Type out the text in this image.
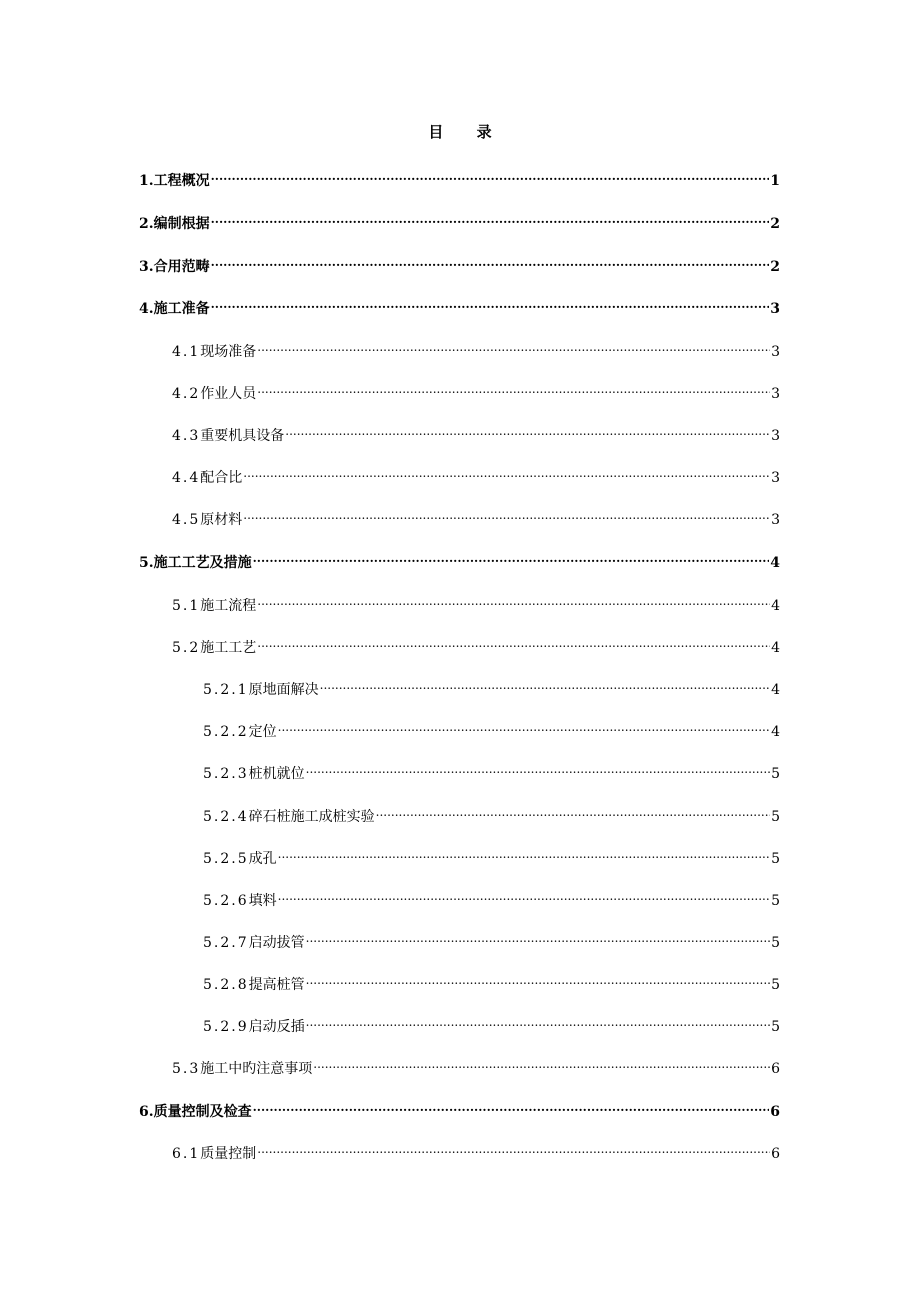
目 录
1. 工程概况 .....	1
2. 编制根据 .....	2
3. 合用范畴 .....	2
4. 施工准备 .....	3
4.1 现场准备 .....	3
4.2 作业人员 .....	3
4.3 重要机具设备 .....	3
4.4 配合比 .....	3
4.5 原材料 .....	3
5. 施工工艺及措施 .....	4
5.1 施工流程 .....	4
5.2 施工工艺 .....	4
5.2.1 原地面解决 .....	4
5.2.2 定位 .....	4
5.2.3 桩机就位 .....	5
5.2.4 碎石桩施工成桩实验 .....	5
5.2.5 成孔 .....	5
5.2.6 填料 .....	5
5.2.7 启动拔管 .....	5
5.2.8 提高桩管 .....	5
5.2.9 启动反插 .....	5
5.3 施工中旳注意事项 .....	6
6. 质量控制及检查 .....	6
6.1 质量控制 .....	6
